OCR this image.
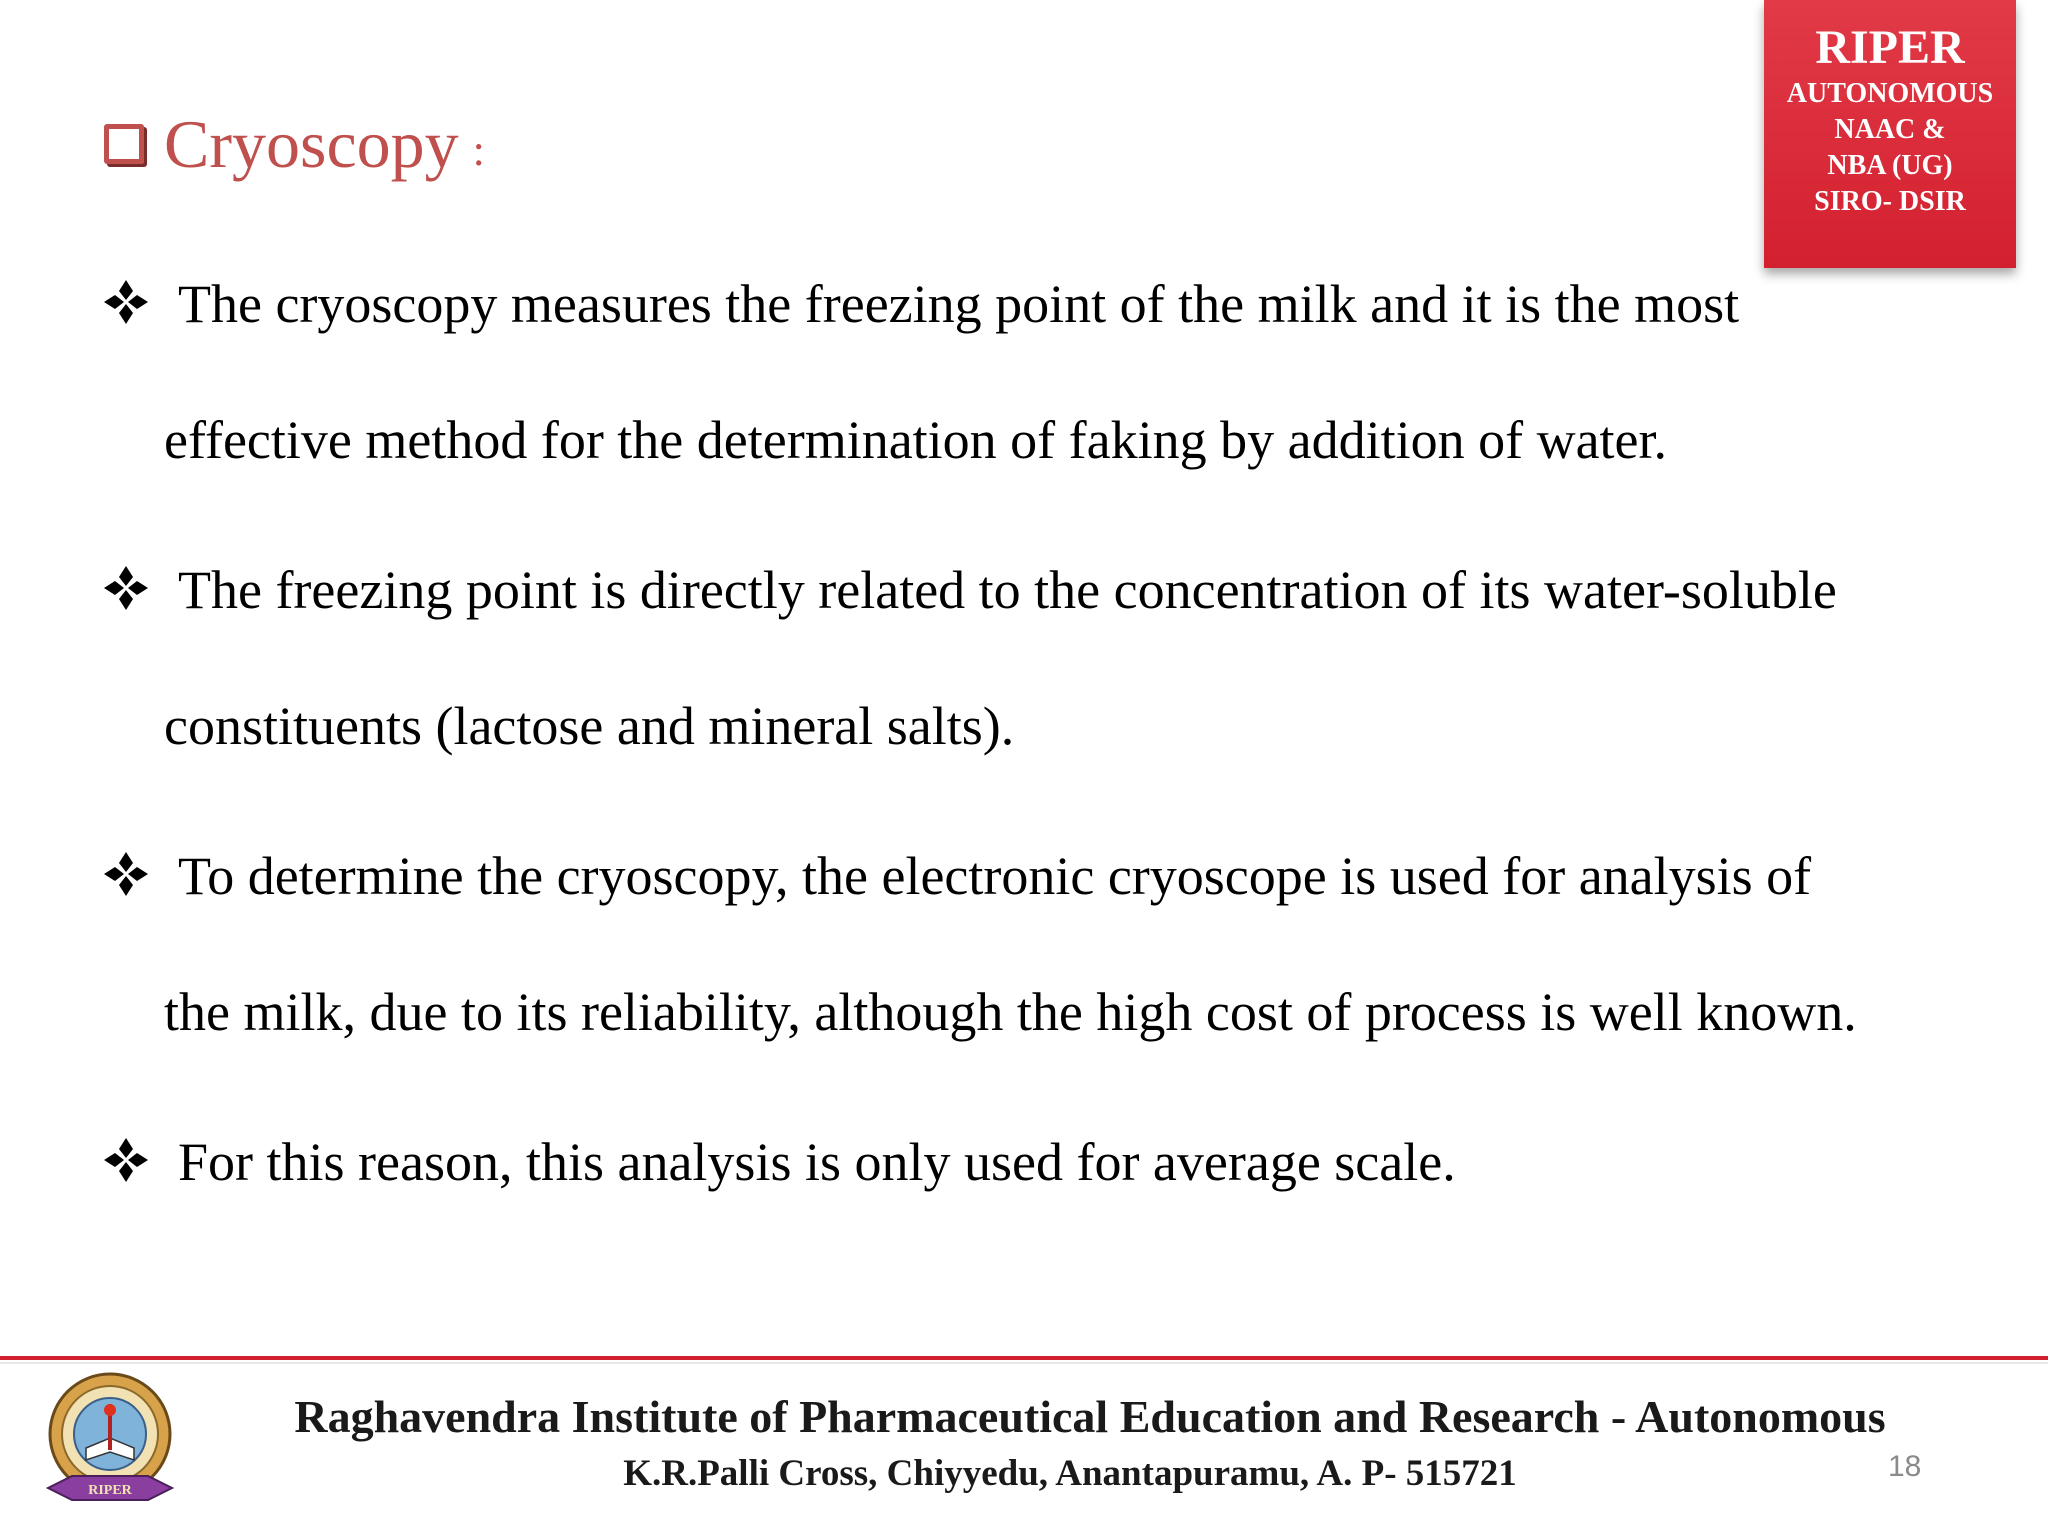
RIPER
AUTONOMOUS
NAAC &
NBA (UG)
SIRO- DSIR
Cryoscopy :
The cryoscopy measures the freezing point of the milk and it is the most
effective method for the determination of faking by addition of water.
The freezing point is directly related to the concentration of its water-soluble
constituents (lactose and mineral salts).
To determine the cryoscopy, the electronic cryoscope is used for analysis of
the milk, due to its reliability, although the high cost of process is well known.
For this reason, this analysis is only used for average scale.
RIPER
Raghavendra Institute of Pharmaceutical Education and Research - Autonomous
K.R.Palli Cross, Chiyyedu, Anantapuramu, A. P- 515721	18
